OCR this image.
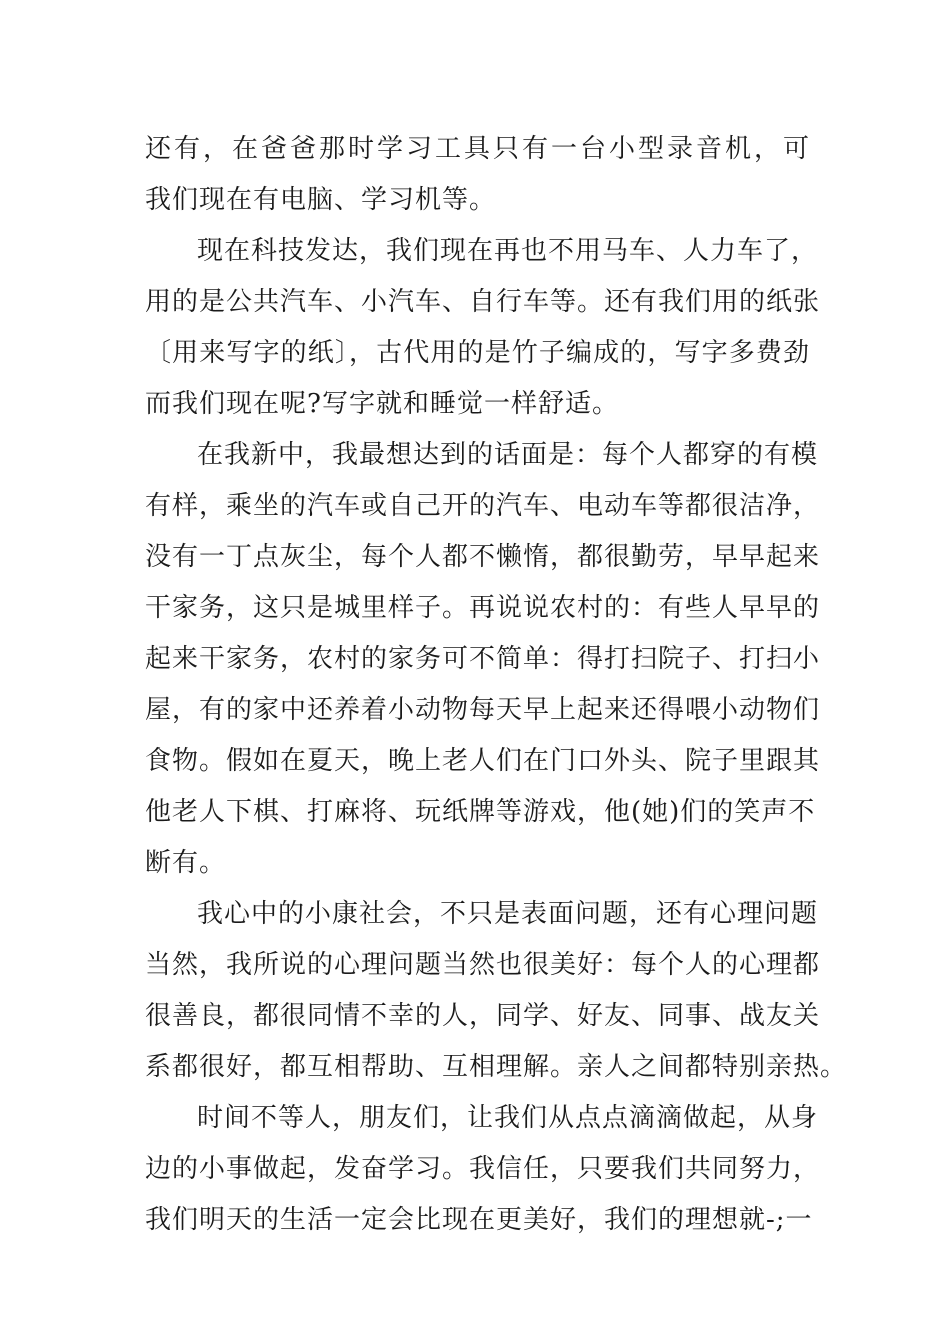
还有，在爸爸那时学习工具只有一台小型录音机，可
我们现在有电脑、学习机等。
现在科技发达，我们现在再也不用马车、人力车了，
用的是公共汽车、小汽车、自行车等。还有我们用的纸张
〔用来写字的纸〕，古代用的是竹子编成的，写字多费劲
而我们现在呢?写字就和睡觉一样舒适。
在我新中，我最想达到的话面是：每个人都穿的有模
有样，乘坐的汽车或自己开的汽车、电动车等都很洁净，
没有一丁点灰尘，每个人都不懒惰，都很勤劳，早早起来
干家务，这只是城里样子。再说说农村的：有些人早早的
起来干家务，农村的家务可不简单：得打扫院子、打扫小
屋，有的家中还养着小动物每天早上起来还得喂小动物们
食物。假如在夏天，晚上老人们在门口外头、院子里跟其
他老人下棋、打麻将、玩纸牌等游戏，他(她)们的笑声不
断有。
我心中的小康社会，不只是表面问题，还有心理问题
当然，我所说的心理问题当然也很美好：每个人的心理都
很善良，都很同情不幸的人，同学、好友、同事、战友关
系都很好，都互相帮助、互相理解。亲人之间都特别亲热。
时间不等人，朋友们，让我们从点点滴滴做起，从身
边的小事做起，发奋学习。我信任，只要我们共同努力，
我们明天的生活一定会比现在更美好，我们的理想就-;一
